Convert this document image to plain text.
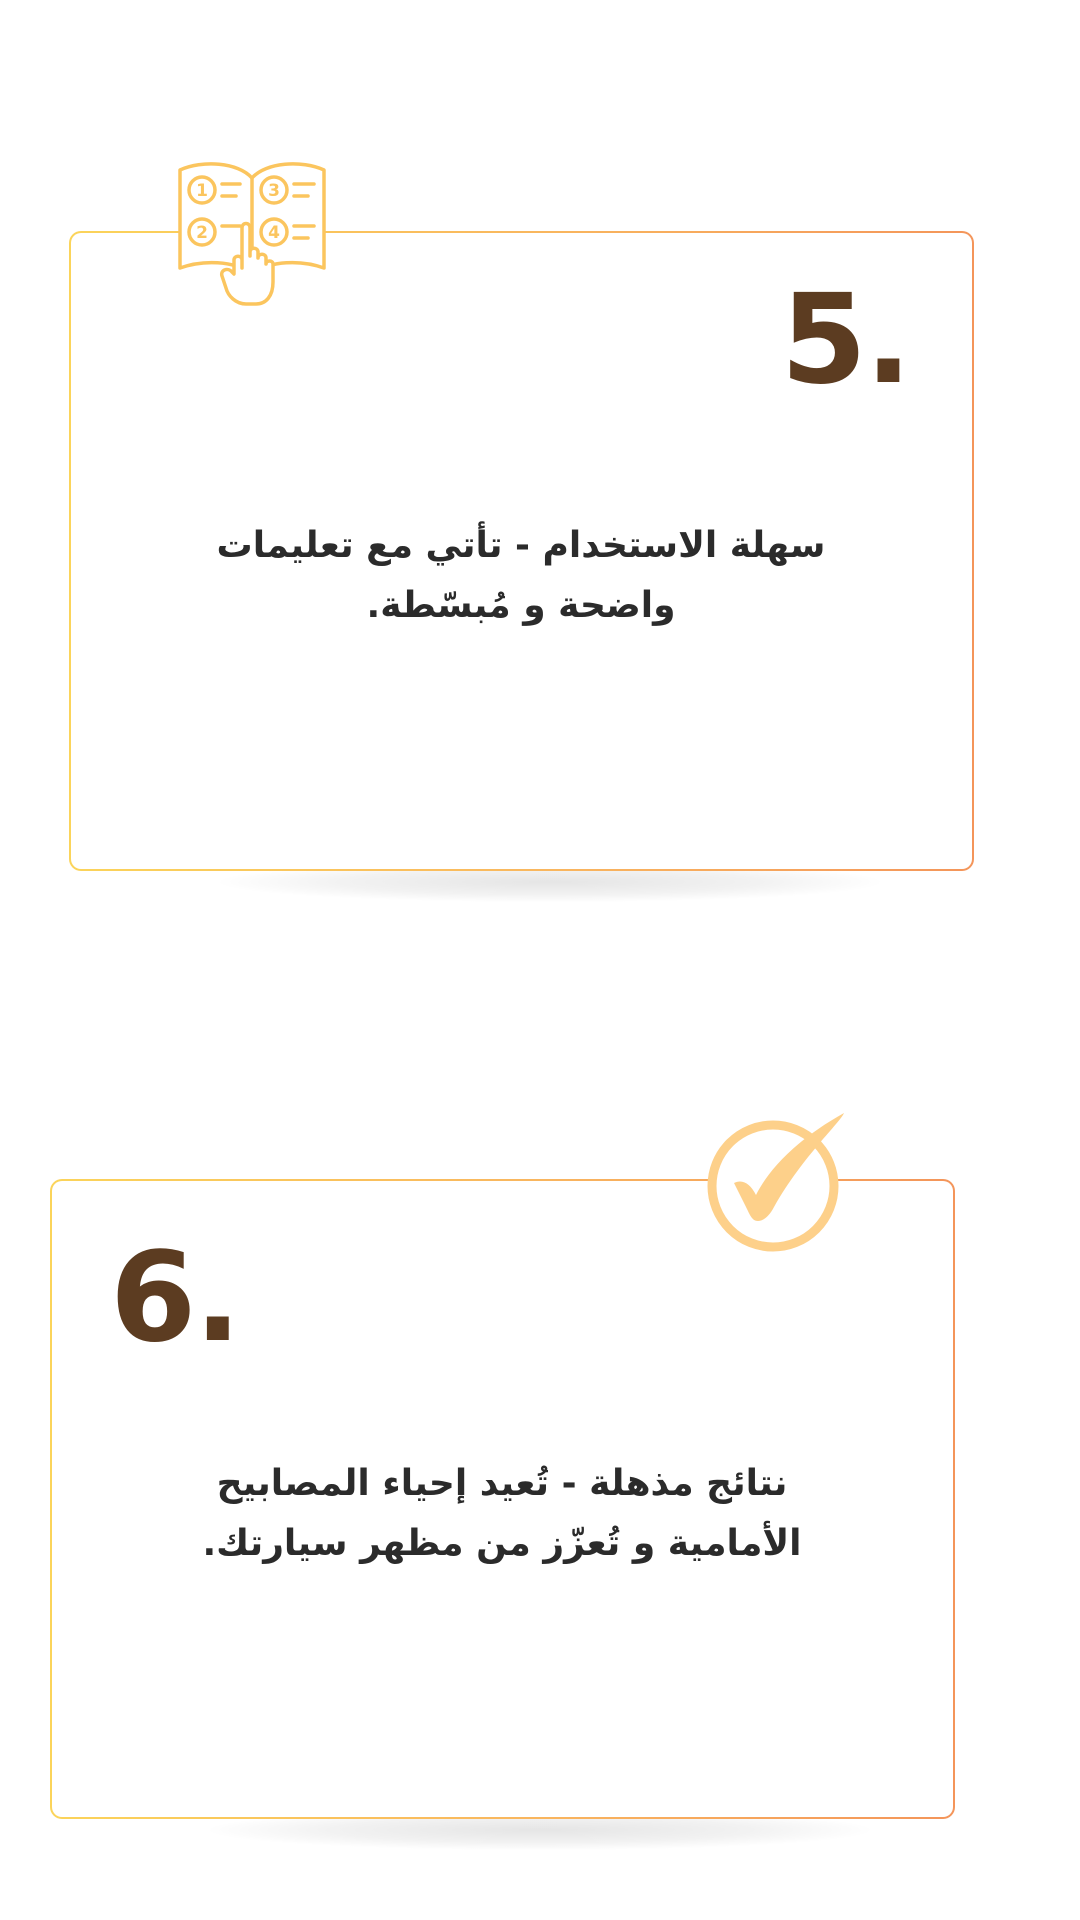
5.

سهلة الاستخدام - تأتي مع تعليمات
واضحة و مُبسّطة.

1
2
3
4
6.

نتائج مذهلة - تُعيد إحياء المصابيح
الأمامية و تُعزّز من مظهر سيارتك.
